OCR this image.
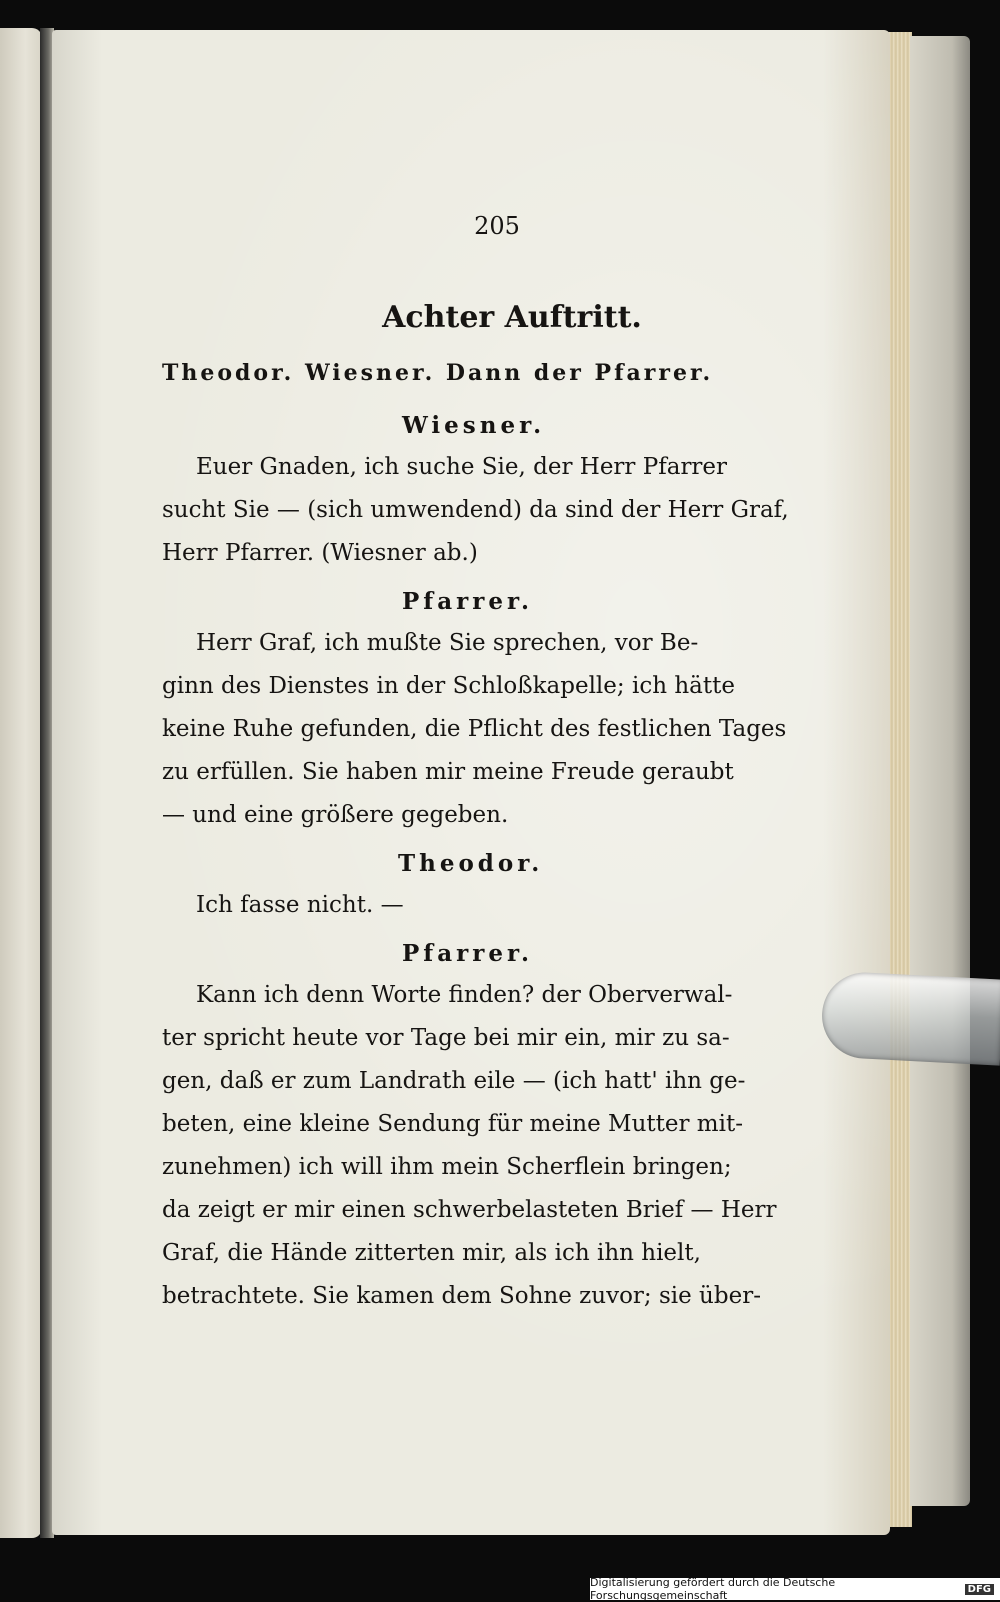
205
Achter Auftritt.
Theodor. Wiesner. Dann der Pfarrer.
Wiesner.
Euer Gnaden, ich suche Sie, der Herr Pfarrer
sucht Sie — (sich umwendend) da sind der Herr Graf,
Herr Pfarrer. (Wiesner ab.)
Pfarrer.
Herr Graf, ich mußte Sie sprechen, vor Be-
ginn des Dienstes in der Schloßkapelle; ich hätte
keine Ruhe gefunden, die Pflicht des festlichen Tages
zu erfüllen. Sie haben mir meine Freude geraubt
— und eine größere gegeben.
Theodor.
Ich fasse nicht. —
Pfarrer.
Kann ich denn Worte finden? der Oberverwal-
ter spricht heute vor Tage bei mir ein, mir zu sa-
gen, daß er zum Landrath eile — (ich hatt' ihn ge-
beten, eine kleine Sendung für meine Mutter mit-
zunehmen) ich will ihm mein Scherflein bringen;
da zeigt er mir einen schwerbelasteten Brief — Herr
Graf, die Hände zitterten mir, als ich ihn hielt,
betrachtete. Sie kamen dem Sohne zuvor; sie über-
Digitalisierung gefördert durch die Deutsche Forschungsgemeinschaft	DFG
